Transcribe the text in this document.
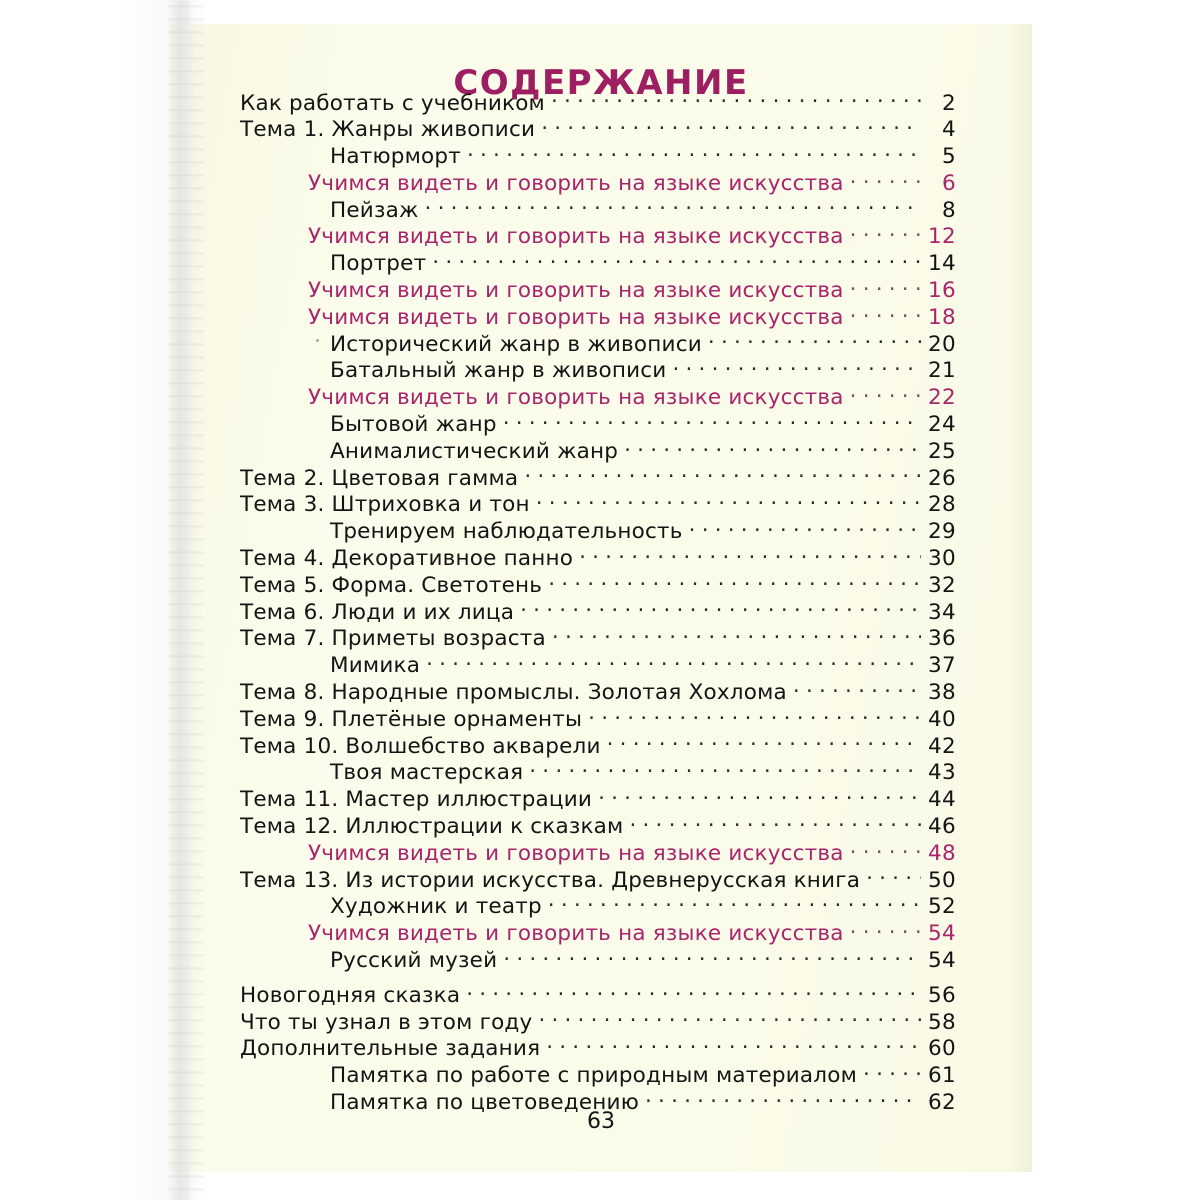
СОДЕРЖАНИЕ
Как работать с учебником .....	2
Тема 1. Жанры живописи .....	4
Натюрморт .....	5
Учимся видеть и говорить на языке искусства .....	6
Пейзаж .....	8
Учимся видеть и говорить на языке искусства .....	12
Портрет .....	14
Учимся видеть и говорить на языке искусства .....	16
Учимся видеть и говорить на языке искусства .....	18
Исторический жанр в живописи .....	20
Батальный жанр в живописи .....	21
Учимся видеть и говорить на языке искусства .....	22
Бытовой жанр .....	24
Анималистический жанр .....	25
Тема 2. Цветовая гамма .....	26
Тема 3. Штриховка и тон .....	28
Тренируем наблюдательность .....	29
Тема 4. Декоративное панно .....	30
Тема 5. Форма. Светотень .....	32
Тема 6. Люди и их лица .....	34
Тема 7. Приметы возраста .....	36
Мимика .....	37
Тема 8. Народные промыслы. Золотая Хохлома .....	38
Тема 9. Плетёные орнаменты .....	40
Тема 10. Волшебство акварели .....	42
Твоя мастерская .....	43
Тема 11. Мастер иллюстрации .....	44
Тема 12. Иллюстрации к сказкам .....	46
Учимся видеть и говорить на языке искусства .....	48
Тема 13. Из истории искусства. Древнерусская книга .....	50
Художник и театр .....	52
Учимся видеть и говорить на языке искусства .....	54
Русский музей .....	54
Новогодняя сказка .....	56
Что ты узнал в этом году .....	58
Дополнительные задания .....	60
Памятка по работе с природным материалом .....	61
Памятка по цветоведению .....	62
63
